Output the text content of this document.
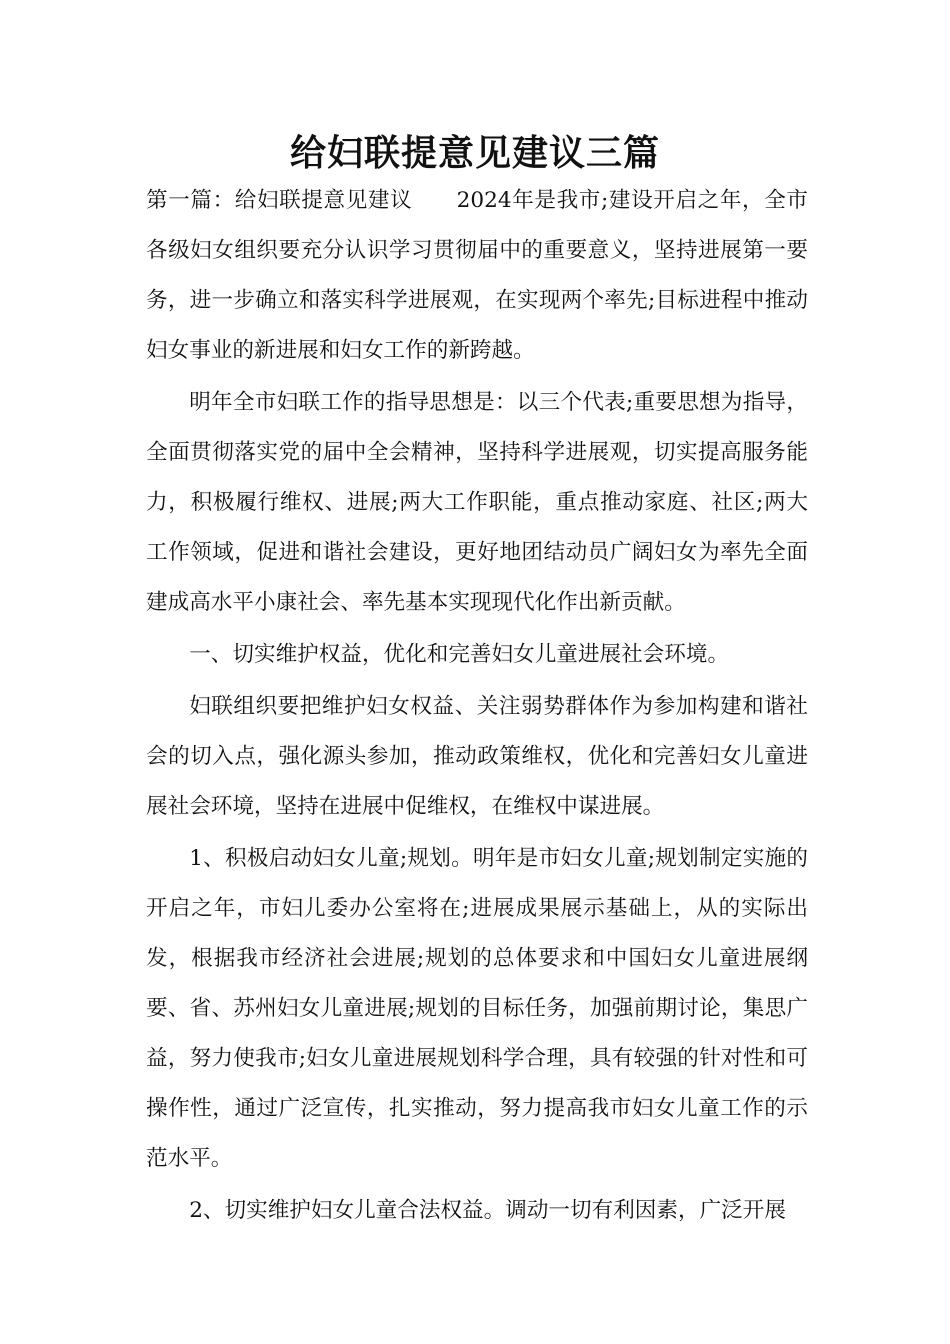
给妇联提意见建议三篇

第一篇：给妇联提意见建议　　2024年是我市;建设开启之年，全市各级妇女组织要充分认识学习贯彻届中的重要意义，坚持进展第一要务，进一步确立和落实科学进展观，在实现两个率先;目标进程中推动妇女事业的新进展和妇女工作的新跨越。

明年全市妇联工作的指导思想是：以三个代表;重要思想为指导，全面贯彻落实党的届中全会精神，坚持科学进展观，切实提高服务能力，积极履行维权、进展;两大工作职能，重点推动家庭、社区;两大工作领域，促进和谐社会建设，更好地团结动员广阔妇女为率先全面建成高水平小康社会、率先基本实现现代化作出新贡献。

一、切实维护权益，优化和完善妇女儿童进展社会环境。

妇联组织要把维护妇女权益、关注弱势群体作为参加构建和谐社会的切入点，强化源头参加，推动政策维权，优化和完善妇女儿童进展社会环境，坚持在进展中促维权，在维权中谋进展。

1、积极启动妇女儿童;规划。明年是市妇女儿童;规划制定实施的开启之年，市妇儿委办公室将在;进展成果展示基础上，从的实际出发，根据我市经济社会进展;规划的总体要求和中国妇女儿童进展纲要、省、苏州妇女儿童进展;规划的目标任务，加强前期讨论，集思广益，努力使我市;妇女儿童进展规划科学合理，具有较强的针对性和可操作性，通过广泛宣传，扎实推动，努力提高我市妇女儿童工作的示范水平。

2、切实维护妇女儿童合法权益。调动一切有利因素，广泛开展
